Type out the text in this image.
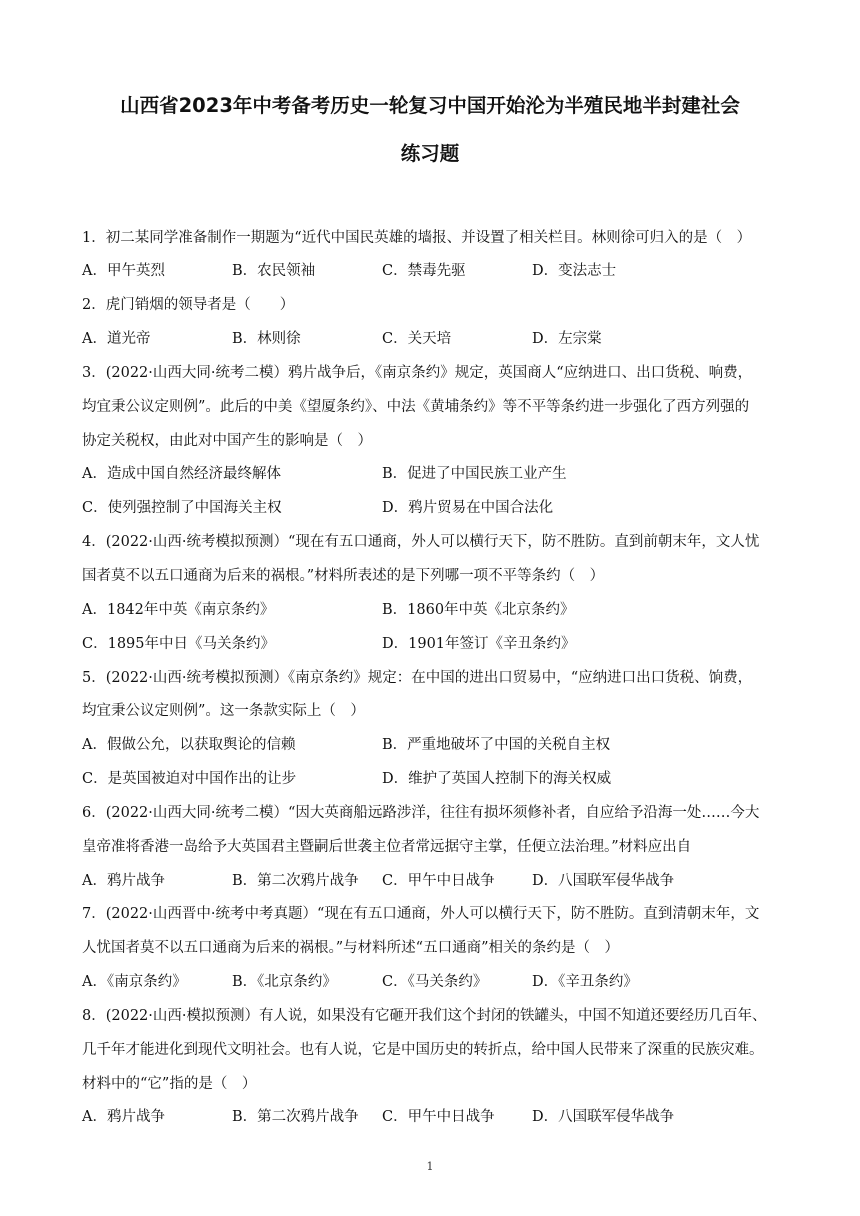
山西省2023年中考备考历史一轮复习中国开始沦为半殖民地半封建社会
练习题
1．初二某同学准备制作一期题为“近代中国民英雄的墙报、并设置了相关栏目。林则徐可归入的是（　）
A．甲午英烈	B．农民领袖	C．禁毒先驱	D．变法志士
2．虎门销烟的领导者是（　　）
A．道光帝	B．林则徐	C．关天培	D．左宗棠
3．(2022·山西大同·统考二模）鸦片战争后，《南京条约》规定，英国商人“应纳进口、出口货税、响费，
均宜秉公议定则例”。此后的中美《望厦条约》、中法《黄埔条约》等不平等条约进一步强化了西方列强的
协定关税权，由此对中国产生的影响是（　）
A．造成中国自然经济最终解体	B．促进了中国民族工业产生
C．使列强控制了中国海关主权	D．鸦片贸易在中国合法化
4．(2022·山西·统考模拟预测）“现在有五口通商，外人可以横行天下，防不胜防。直到前朝末年，文人忧
国者莫不以五口通商为后来的祸根。”材料所表述的是下列哪一项不平等条约（　）
A．1842年中英《南京条约》	B．1860年中英《北京条约》
C．1895年中日《马关条约》	D．1901年签订《辛丑条约》
5．(2022·山西·统考模拟预测）《南京条约》规定：在中国的进出口贸易中，“应纳进口出口货税、饷费，
均宜秉公议定则例”。这一条款实际上（　）
A．假做公允，以获取舆论的信赖	B．严重地破坏了中国的关税自主权
C．是英国被迫对中国作出的让步	D．维护了英国人控制下的海关权威
6．(2022·山西大同·统考二模）“因大英商船远路涉洋，往往有损坏须修补者，自应给予沿海一处……今大
皇帝准将香港一岛给予大英国君主暨嗣后世袭主位者常远据守主掌，任便立法治理。”材料应出自
A．鸦片战争	B．第二次鸦片战争 C．甲午中日战争	D．八国联军侵华战争
7．(2022·山西晋中·统考中考真题）“现在有五口通商，外人可以横行天下，防不胜防。直到清朝末年，文
人忧国者莫不以五口通商为后来的祸根。”与材料所述“五口通商”相关的条约是（　）
A．《南京条约》	B．《北京条约》	C．《马关条约》	D．《辛丑条约》
8．(2022·山西·模拟预测）有人说，如果没有它砸开我们这个封闭的铁罐头，中国不知道还要经历几百年、
几千年才能进化到现代文明社会。也有人说，它是中国历史的转折点，给中国人民带来了深重的民族灾难。
材料中的“它”指的是（　）
A．鸦片战争	B．第二次鸦片战争 C．甲午中日战争	D．八国联军侵华战争
1
